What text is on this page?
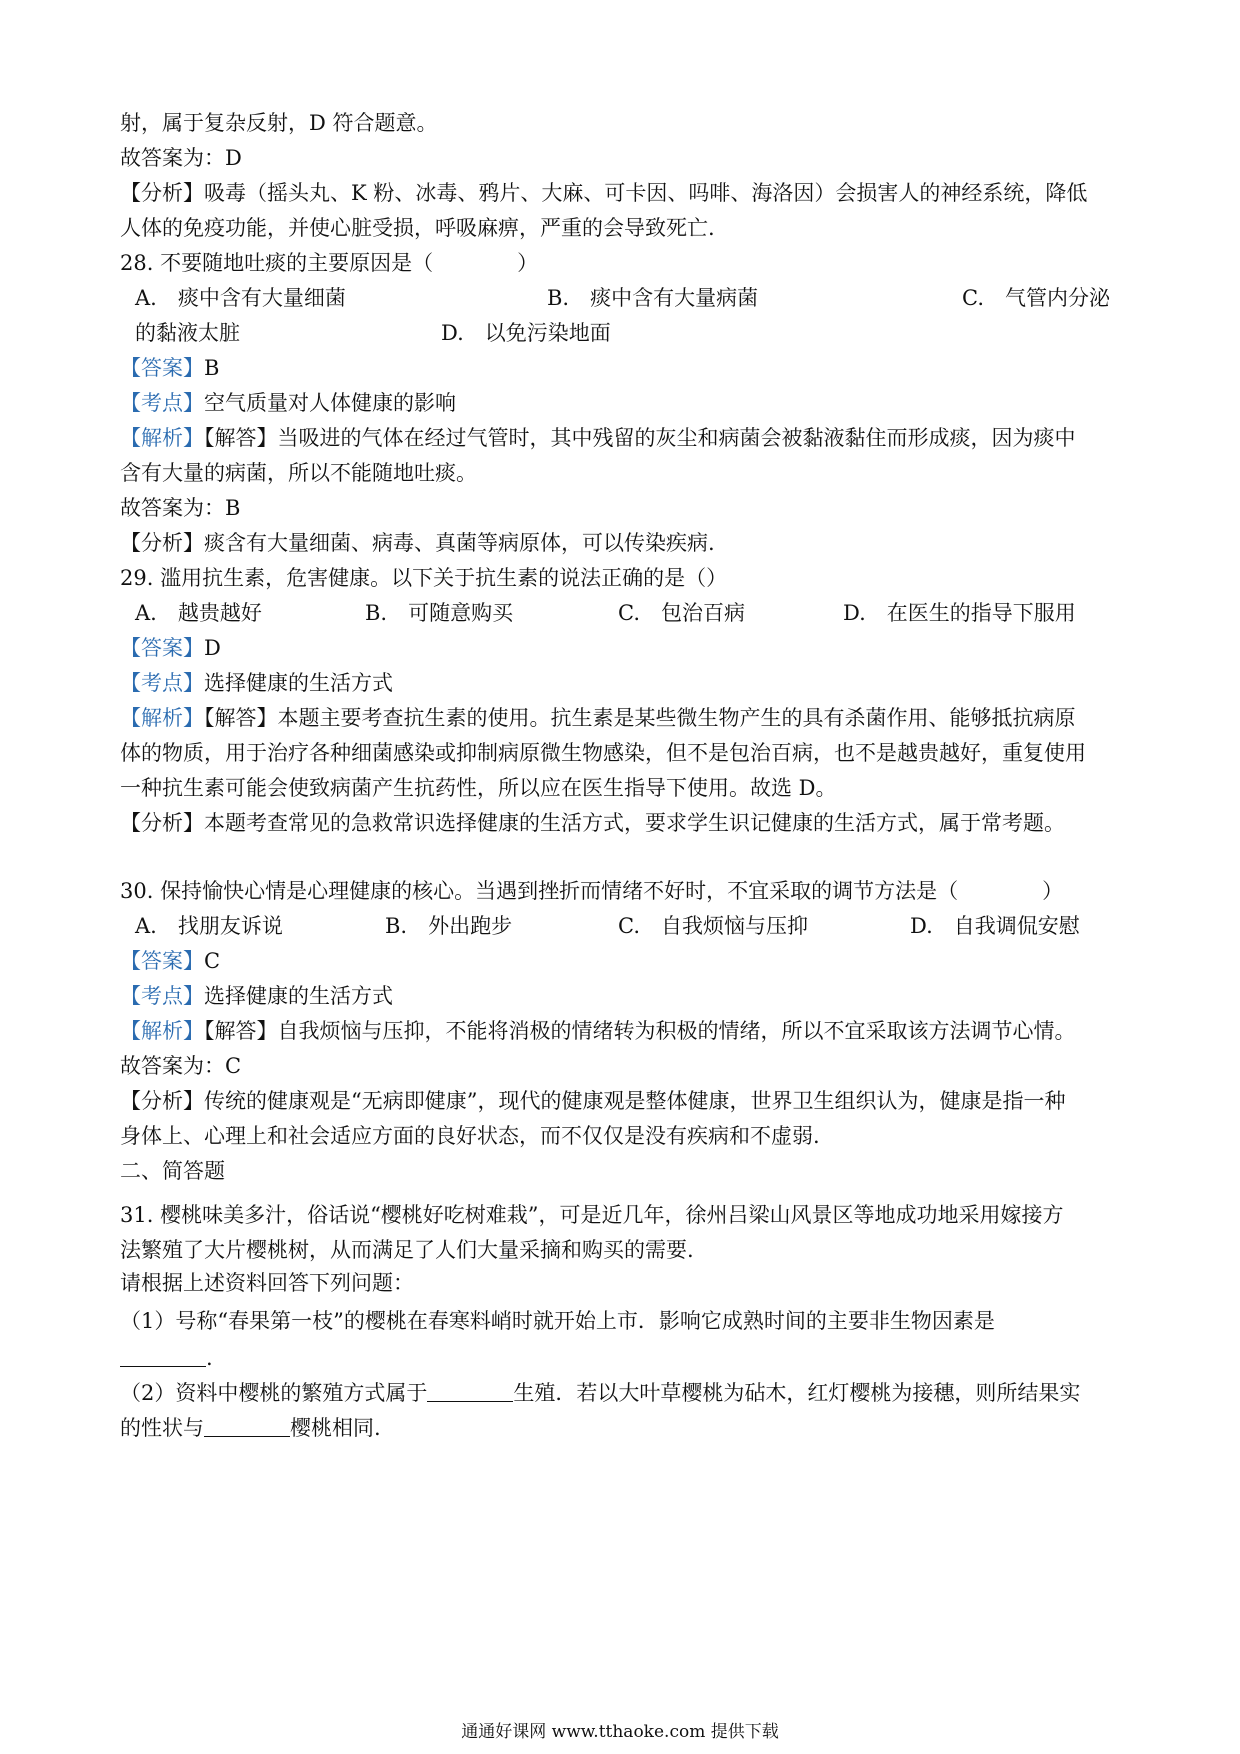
射，属于复杂反射，D 符合题意。
故答案为：D
【分析】吸毒（摇头丸、K 粉、冰毒、鸦片、大麻、可卡因、吗啡、海洛因）会损害人的神经系统，降低
人体的免疫功能，并使心脏受损，呼吸麻痹，严重的会导致死亡.
28. 不要随地吐痰的主要原因是（　　　　）
A.　痰中含有大量细菌	B.　痰中含有大量病菌	C.　气管内分泌
的黏液太脏	D.　以免污染地面
【答案】B
【考点】空气质量对人体健康的影响
【解析】【解答】当吸进的气体在经过气管时，其中残留的灰尘和病菌会被黏液黏住而形成痰，因为痰中
含有大量的病菌，所以不能随地吐痰。
故答案为：B
【分析】痰含有大量细菌、病毒、真菌等病原体，可以传染疾病.
29. 滥用抗生素，危害健康。以下关于抗生素的说法正确的是（）
A.　越贵越好	B.　可随意购买	C.　包治百病	D.　在医生的指导下服用
【答案】D
【考点】选择健康的生活方式
【解析】【解答】本题主要考查抗生素的使用。抗生素是某些微生物产生的具有杀菌作用、能够抵抗病原
体的物质，用于治疗各种细菌感染或抑制病原微生物感染，但不是包治百病，也不是越贵越好，重复使用
一种抗生素可能会使致病菌产生抗药性，所以应在医生指导下使用。故选 D。
【分析】本题考查常见的急救常识选择健康的生活方式，要求学生识记健康的生活方式，属于常考题。
30. 保持愉快心情是心理健康的核心。当遇到挫折而情绪不好时，不宜采取的调节方法是（　　　　）
A.　找朋友诉说	B.　外出跑步	C.　自我烦恼与压抑	D.　自我调侃安慰
【答案】C
【考点】选择健康的生活方式
【解析】【解答】自我烦恼与压抑，不能将消极的情绪转为积极的情绪，所以不宜采取该方法调节心情。
故答案为：C
【分析】传统的健康观是“无病即健康”，现代的健康观是整体健康，世界卫生组织认为，健康是指一种
身体上、心理上和社会适应方面的良好状态，而不仅仅是没有疾病和不虚弱.
二、简答题
31. 樱桃味美多汁，俗话说“樱桃好吃树难栽”，可是近几年，徐州吕梁山风景区等地成功地采用嫁接方
法繁殖了大片樱桃树，从而满足了人们大量采摘和购买的需要.
请根据上述资料回答下列问题：
（1）号称“春果第一枝”的樱桃在春寒料峭时就开始上市．影响它成熟时间的主要非生物因素是
.
（2）资料中樱桃的繁殖方式属于	生殖．若以大叶草樱桃为砧木，红灯樱桃为接穗，则所结果实
的性状与	樱桃相同.
通通好课网 www.tthaoke.com 提供下载
